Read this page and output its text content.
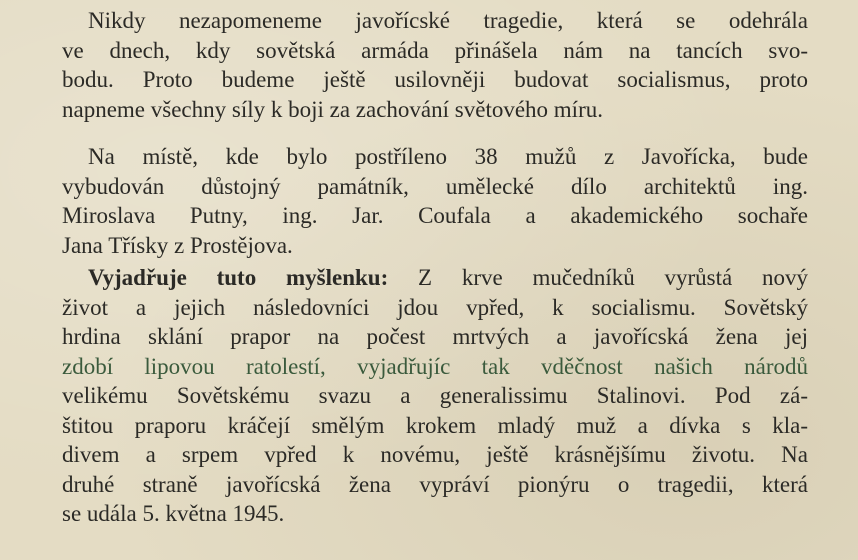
Nikdy nezapomeneme javořícské tragedie, která se odehrála
ve dnech, kdy sovětská armáda přinášela nám na tancích svo-
bodu. Proto budeme ještě usilovněji budovat socialismus, proto
napneme všechny síly k boji za zachování světového míru.

Na místě, kde bylo postříleno 38 mužů z Javořícka, bude
vybudován důstojný památník, umělecké dílo architektů ing.
Miroslava Putny, ing. Jar. Coufala a akademického sochaře
Jana Třísky z Prostějova.

Vyjadřuje tuto myšlenku: Z krve mučedníků vyrůstá nový
život a jejich následovníci jdou vpřed, k socialismu. Sovětský
hrdina sklání prapor na počest mrtvých a javořícská žena jej
zdobí lipovou ratolestí, vyjadřujíc tak vděčnost našich národů
velikému Sovětskému svazu a generalissimu Stalinovi. Pod zá-
štitou praporu kráčejí smělým krokem mladý muž a dívka s kla-
divem a srpem vpřed k novému, ještě krásnějšímu životu. Na
druhé straně javořícská žena vypráví pionýru o tragedii, která
se udála 5. května 1945.
